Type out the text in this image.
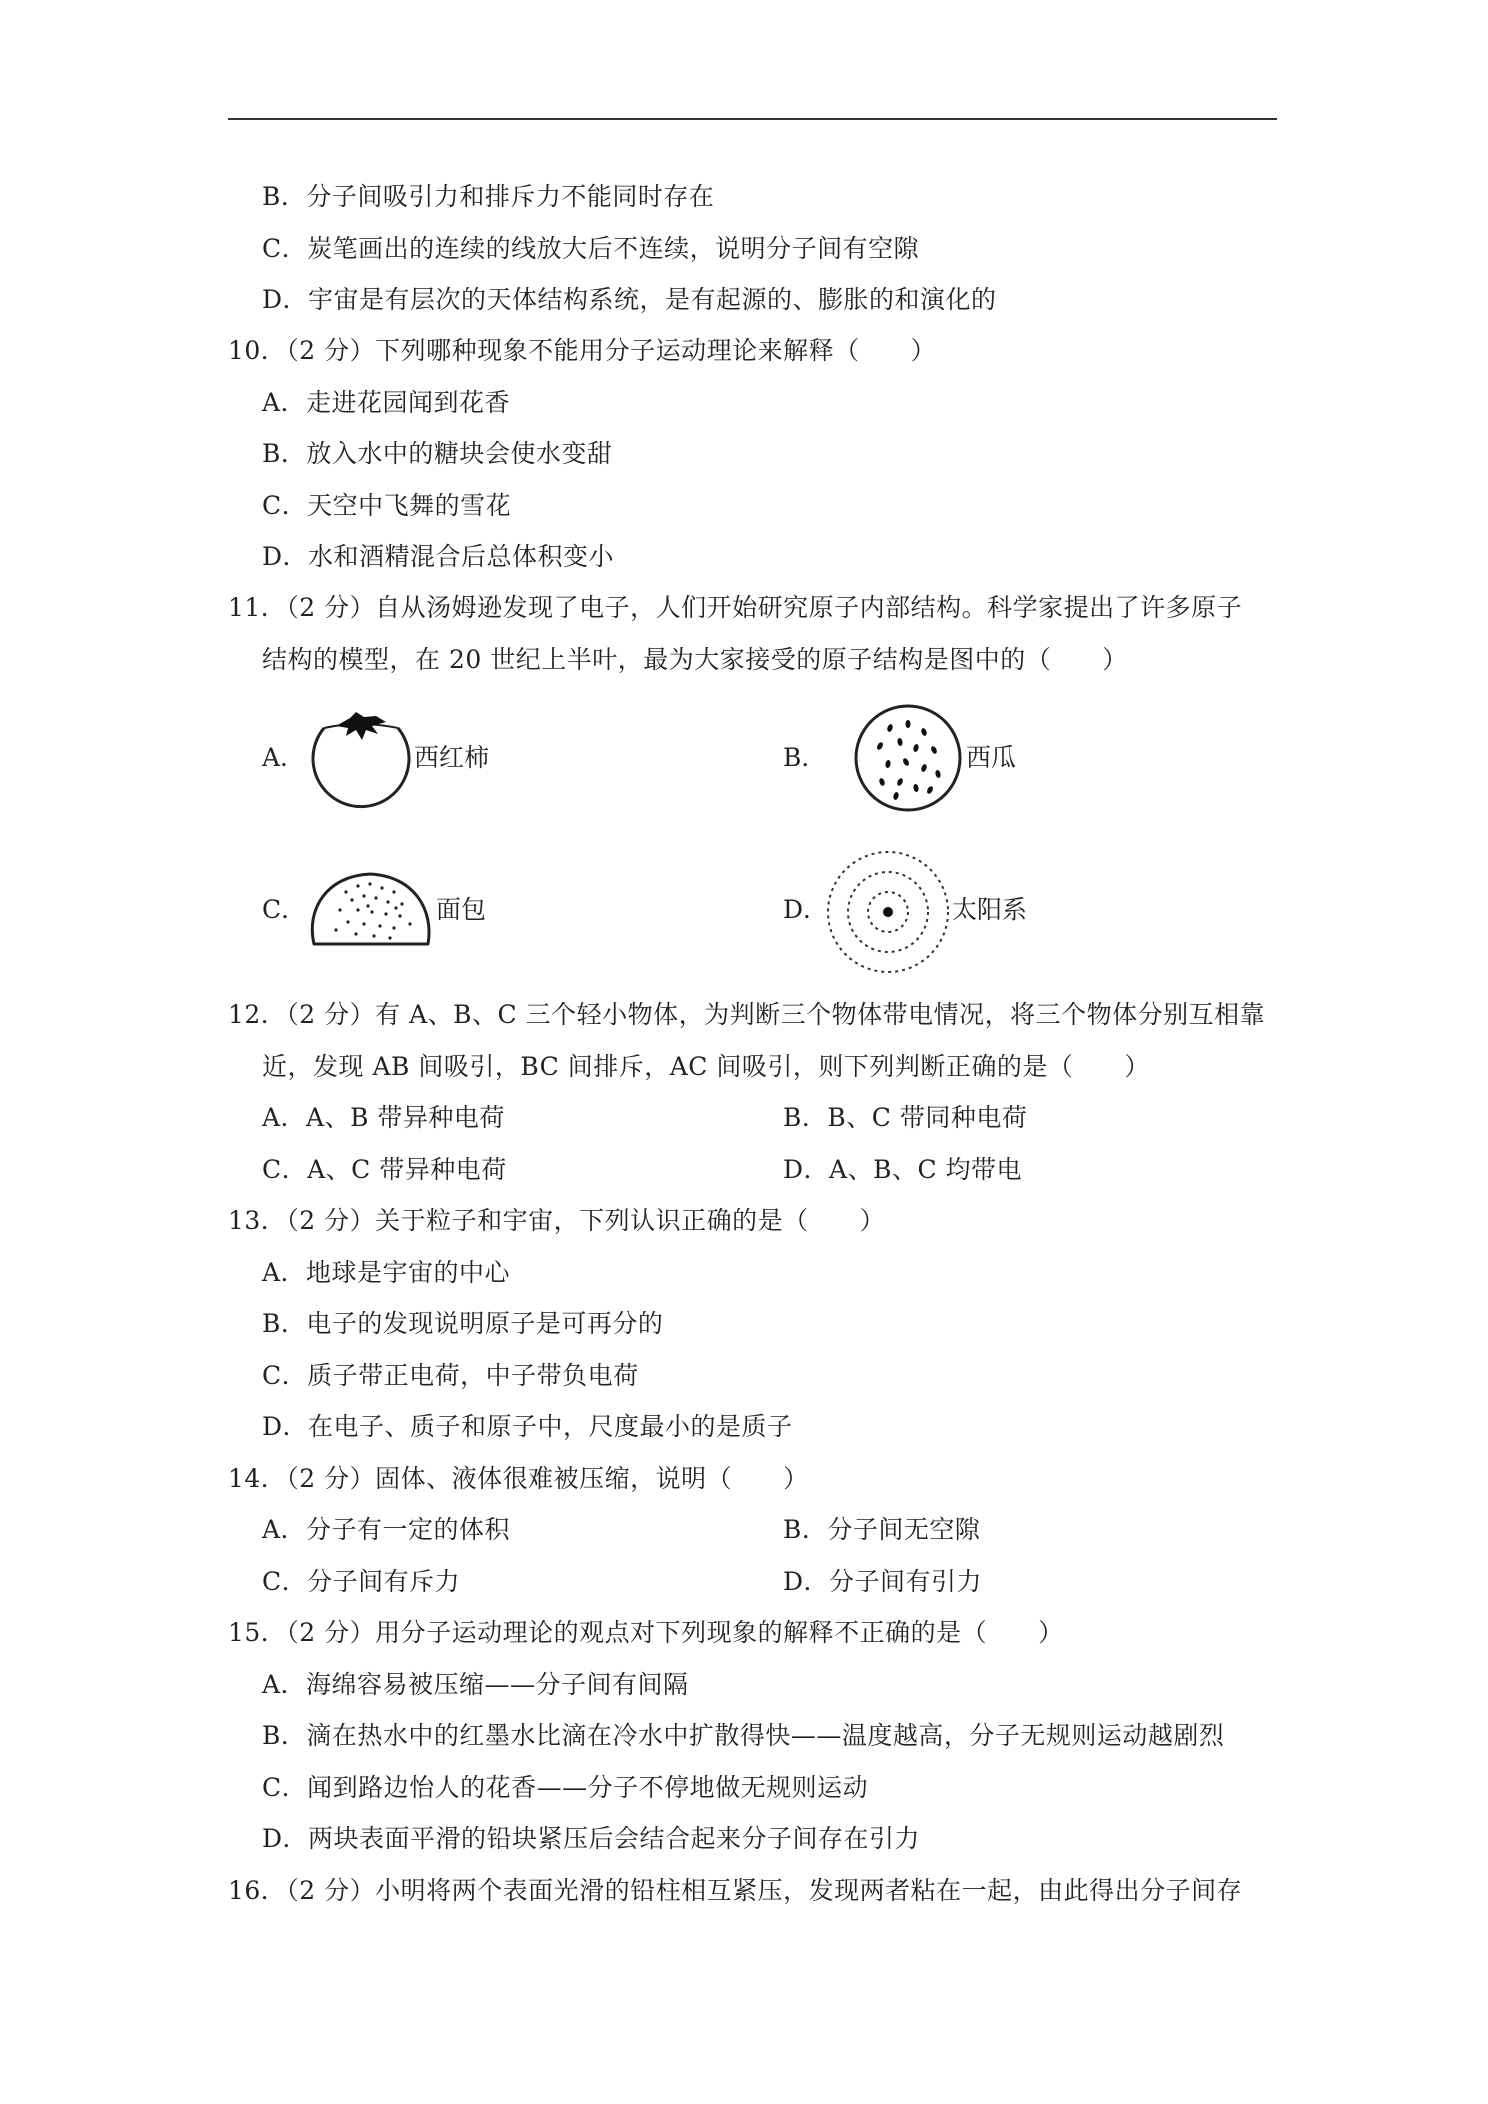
B．分子间吸引力和排斥力不能同时存在
C．炭笔画出的连续的线放大后不连续，说明分子间有空隙
D．宇宙是有层次的天体结构系统，是有起源的、膨胀的和演化的
10．（2 分）下列哪种现象不能用分子运动理论来解释（　　）
A．走进花园闻到花香
B．放入水中的糖块会使水变甜
C．天空中飞舞的雪花
D．水和酒精混合后总体积变小
11．（2 分）自从汤姆逊发现了电子，人们开始研究原子内部结构。科学家提出了许多原子
结构的模型，在 20 世纪上半叶，最为大家接受的原子结构是图中的（　　）
A．	西红柿	B．	西瓜
C．	面包	D．	太阳系
12．（2 分）有 A、B、C 三个轻小物体，为判断三个物体带电情况，将三个物体分别互相靠
近，发现 AB 间吸引，BC 间排斥，AC 间吸引，则下列判断正确的是（　　）
A．A、B 带异种电荷	B．B、C 带同种电荷
C．A、C 带异种电荷	D．A、B、C 均带电
13．（2 分）关于粒子和宇宙，下列认识正确的是（　　）
A．地球是宇宙的中心
B．电子的发现说明原子是可再分的
C．质子带正电荷，中子带负电荷
D．在电子、质子和原子中，尺度最小的是质子
14．（2 分）固体、液体很难被压缩，说明（　　）
A．分子有一定的体积	B．分子间无空隙
C．分子间有斥力	D．分子间有引力
15．（2 分）用分子运动理论的观点对下列现象的解释不正确的是（　　）
A．海绵容易被压缩——分子间有间隔
B．滴在热水中的红墨水比滴在冷水中扩散得快——温度越高，分子无规则运动越剧烈
C．闻到路边怡人的花香——分子不停地做无规则运动
D．两块表面平滑的铅块紧压后会结合起来分子间存在引力
16．（2 分）小明将两个表面光滑的铅柱相互紧压，发现两者粘在一起，由此得出分子间存
